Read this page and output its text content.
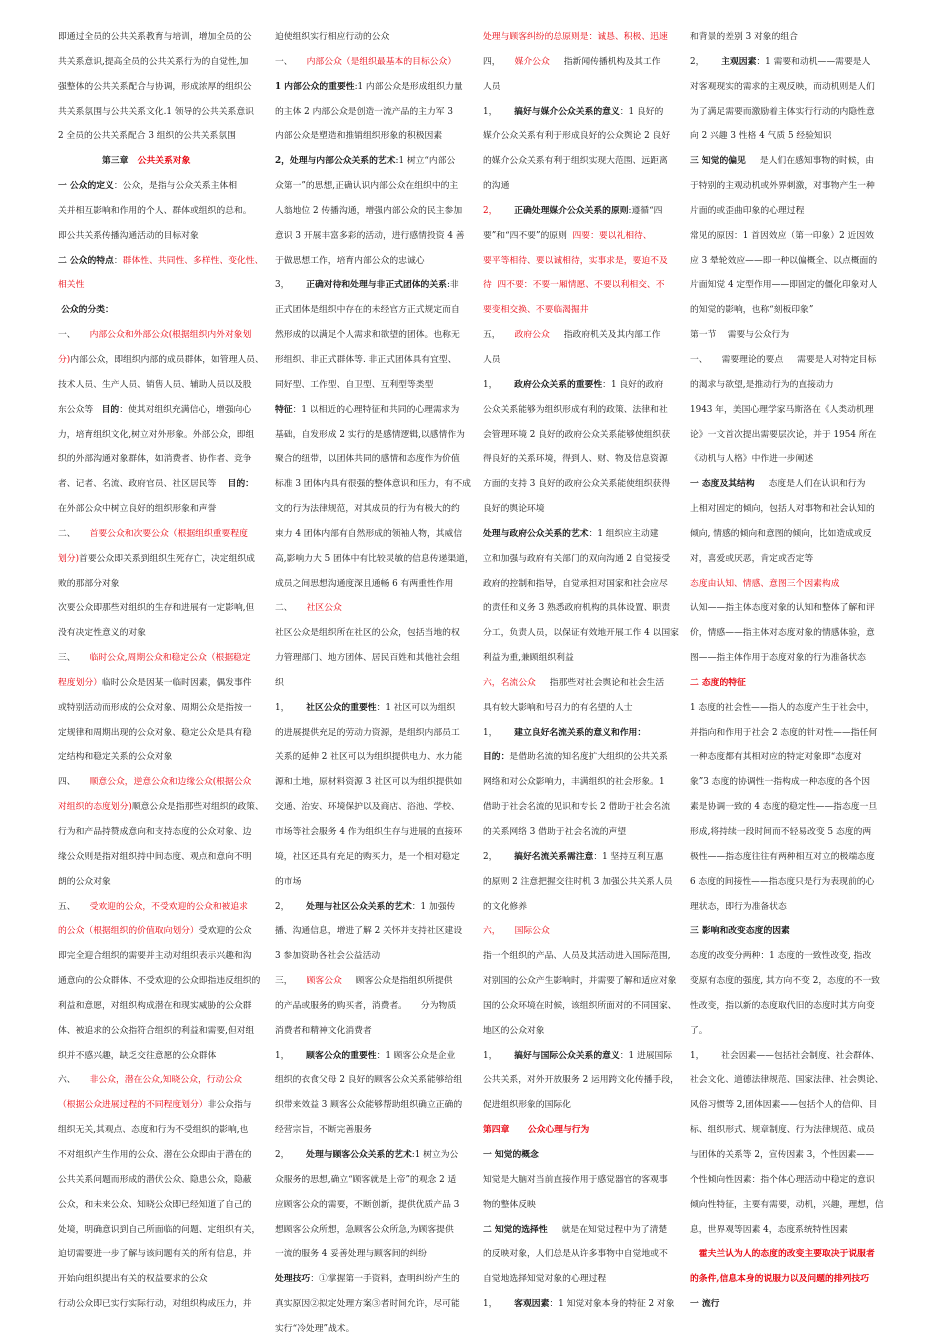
即通过全员的公共关系教育与培训，增加全员的公
共关系意识,提高全员的公共关系行为的自觉性,加
强整体的公共关系配合与协调，形成浓厚的组织公
共关系氛围与公共关系文化.1 领导的公共关系意识
2 全员的公共关系配合 3 组织的公共关系氛围
　　　　　第三章   公共关系对象
一 公众的定义：公众，是指与公众关系主体相
关并相互影响和作用的个人、群体或组织的总和。
即公共关系传播沟通活动的目标对象
二 公众的特点：群体性、共同性、多样性、变化性、
相关性
公众的分类：
一、     内部公众和外部公众(根据组织内外对象划
分)内部公众，即组织内部的成员群体，如管理人员、
技术人员、生产人员、销售人员、辅助人员以及股
东公众等   目的：使其对组织充满信心，增强向心
力，培育组织文化,树立对外形象。外部公众，即组
织的外部沟通对象群体，如消费者、协作者、竞争
者、记者、名流、政府官员、社区居民等    目的：
在外部公众中树立良好的组织形象和声誉
二、     首要公众和次要公众（根据组织重要程度
划分)首要公众即关系到组织生死存亡，决定组织成
败的那部分对象
次要公众即那些对组织的生存和进展有一定影响,但
没有决定性意义的对象
三、     临时公众,周期公众和稳定公众（根据稳定
程度划分）临时公众是因某一临时因素，偶发事件
或特别活动而形成的公众对象、周期公众是指按一
定规律和周期出现的公众对象、稳定公众是具有稳
定结构和稳定关系的公众对象
四、     顺意公众，逆意公众和边缘公众(根据公众
对组织的态度划分)顺意公众是指那些对组织的政策、
行为和产品持赞成意向和支持态度的公众对象、边
缘公众则是指对组织持中间态度、观点和意向不明
朗的公众对象
五、     受欢迎的公众，不受欢迎的公众和被追求
的公众（根据组织的价值取向划分）受欢迎的公众
即完全迎合组织的需要并主动对组织表示兴趣和沟
通意向的公众群体、不受欢迎的公众即指违反组织的
利益和意愿，对组织构成潜在和现实威胁的公众群
体、被追求的公众指符合组织的利益和需要,但对组
织并不感兴趣，缺乏交往意愿的公众群体
六、     非公众，潜在公众,知晓公众，行动公众
（根据公众进展过程的不同程度划分）非公众指与
组织无关,其观点、态度和行为不受组织的影响,也
不对组织产生作用的公众、潜在公众即由于潜在的
公共关系问题而形成的潜伏公众、隐患公众，隐蔽
公众，和未来公众、知晓公众即已经知道了自己的
处境，明确意识到自己所面临的问题、定组织有关，
迫切需要进一步了解与该问题有关的所有信息，并
开始向组织提出有关的权益要求的公众
行动公众即已实行实际行动，对组织构成压力，并
迫使组织实行相应行动的公众
一、     内部公众（是组织最基本的目标公众）
1 内部公众的重要性:1 内部公众是形成组织力量
的主体 2 内部公众是创造一流产品的主力军 3
内部公众是塑造和推销组织形象的积极因素
2，处理与内部公众关系的艺术:1 树立“内部公
众第一”的思想,正确认识内部公众在组织中的主
人翁地位 2 传播沟通，增强内部公众的民主参加
意识 3 开展丰富多彩的活动，进行感情投资 4 善
于做思想工作，培育内部公众的忠诚心
3，      正确对待和处理与非正式团体的关系:非
正式团体是组织中存在的未经官方正式规定而自
然形成的以满足个人需求和欲望的团体。也称无
形组织、非正式群体等. 非正式团体具有宜型、
同好型、工作型、自卫型、互利型等类型
特征：1 以相近的心理特征和共同的心理需求为
基础，自发形成 2 实行的是感情逻辑,以感情作为
聚合的纽带，以团体共同的感情和态度作为价值
标准 3 团体内具有很强的整体意识和压力，有不成
文的行为法律规范，对其成员的行为有极大的约
束力 4 团体内部有自然形成的领袖人物，其威信
高,影响力大 5 团体中有比较灵敏的信息传递渠道，
成员之间思想沟通度深且通畅 6 有两重性作用
二、     社区公众
社区公众是组织所在社区的公众，包括当地的权
力管理部门、地方团体、居民百姓和其他社会组
织
1，      社区公众的重要性：1 社区可以为组织
的进展提供充足的劳动力资源，是组织内部员工
关系的延伸 2 社区可以为组织提供电力、水力能
源和土地，原材料资源 3 社区可以为组织提供如
交通、治安、环境保护以及商店、浴池、学校、
市场等社会服务 4 作为组织生存与进展的直接环
境，社区还具有充足的购买力，是一个相对稳定
的市场
2，      处理与社区公众关系的艺术：1 加强传
播、沟通信息，增进了解 2 关怀并支持社区建设
3 参加资助各社会公益活动
三，     顾客公众     顾客公众是指组织所提供
的产品或服务的购买者，消费者。     分为物质
消费者和精神文化消费者
1，      顾客公众的重要性：1 顾客公众是企业
组织的衣食父母 2 良好的顾客公众关系能够给组
织带来效益 3 顾客公众能够帮助组织确立正确的
经营宗旨，不断完善服务
2，      处理与顾客公众关系的艺术:1 树立为公
众服务的思想,确立“顾客就是上帝”的观念 2 适
应顾客公众的需要，不断创新，提供优质产品 3
想顾客公众所想，急顾客公众所急,为顾客提供
一流的服务 4 妥善处理与顾客间的纠纷
处理技巧：①掌握第一手资料，查明纠纷产生的
真实原因②拟定处理方案③者时间允许，尽可能
实行“冷处理”战术。
处理与顾客纠纷的总原则是：诚恳、积极、迅速
四，     媒介公众     指新闻传播机构及其工作
人员
1，      搞好与媒介公众关系的意义：1 良好的
媒介公众关系有利于形成良好的公众舆论 2 良好
的媒介公众关系有利于组织实现大范围、远距离
的沟通
2，      正确处理媒介公众关系的原则:遵循“四
要”和“四不要”的原则  四要：要以礼相待、
要平等相待、要以诚相待，实事求是，要迫不及
待  四不要：不要一厢情愿、不要以利相交、不
要变相交换、不要临渴掘井
五，     政府公众     指政府机关及其内部工作
人员
1，      政府公众关系的重要性：1 良好的政府
公众关系能够为组织形成有利的政策、法律和社
会管理环境 2 良好的政府公众关系能够使组织获
得良好的关系环境，得到人、财、物及信息资源
方面的支持 3 良好的政府公众关系能使组织获得
良好的舆论环境
处理与政府公众关系的艺术：1 组织应主动建
立和加强与政府有关部门的双向沟通 2 自觉接受
政府的控制和指导，自觉承担对国家和社会应尽
的责任和义务 3 熟悉政府机构的具体设置、职责
分工，负责人员，以保证有效地开展工作 4 以国家
利益为重,兼顾组织利益
六，名流公众     指那些对社会舆论和社会生活
具有较大影响和号召力的有名望的人士
1，      建立良好名流关系的意义和作用：
目的：是借助名流的知名度扩大组织的公共关系
网络和对公众影响力，丰满组织的社会形象。1
借助于社会名流的见识和专长 2 借助于社会名流
的关系网络 3 借助于社会名流的声望
2，      搞好名流关系需注意：1 坚持互利互惠
的原则 2 注意把握交往时机 3 加强公共关系人员
的文化修养
六，     国际公众
指一个组织的产品、人员及其活动进入国际范围,
对别国的公众产生影响时，并需要了解和适应对象
国的公众环境在时候，该组织所面对的不同国家、
地区的公众对象
1，      搞好与国际公众关系的意义：1 进展国际
公共关系，对外开放服务 2 运用跨文化传播手段，
促进组织形象的国际化
第四章      公众心理与行为
一 知觉的概念
知觉是大脑对当前直接作用于感觉器官的客观事
物的整体反映
二 知觉的选择性     就是在知觉过程中为了清楚
的反映对象，人们总是从许多事物中自觉地或不
自觉地选择知觉对象的心理过程
1，      客观因素：1 知觉对象本身的特征 2 对象
和背景的差别 3 对象的组合
2，      主观因素：1 需要和动机——需要是人
对客观现实的需求的主观反映，而动机则是人们
为了满足需要而激励着主体实行行动的内隐性意
向 2 兴趣 3 性格 4 气质 5 经验知识
三 知觉的偏见     是人们在感知事物的时候，由
于特别的主观动机或外界刺激，对事物产生一种
片面的或歪曲印象的心理过程
常见的原因：1 首因效应（第一印象）2 近因效
应 3 晕轮效应——即一种以偏概全、以点概面的
片面知觉 4 定型作用——即固定的僵化印象对人
的知觉的影响，也称“刻板印象”
第一节    需要与公众行为
一、     需要理论的要点     需要是人对特定目标
的渴求与欲望,是推动行为的直接动力
1943 年，美国心理学家马斯洛在《人类动机理
论》一文首次提出需要层次论，并于 1954 所在
《动机与人格》中作进一步阐述
一 态度及其结构     态度是人们在认识和行为
上相对固定的倾向，包括人对事物和社会认知的
倾向, 情感的倾向和意图的倾向，比如造成或反
对，喜爱或厌恶，肯定或否定等
态度由认知、情感、意图三个因素构成
认知——指主体态度对象的认知和整体了解和评
价，情感——指主体对态度对象的情感体验，意
图——指主体作用于态度对象的行为准备状态
二 态度的特征
1 态度的社会性——指人的态度产生于社会中，
并指向和作用于社会 2 态度的针对性——指任何
一种态度都有其相对应的特定对象即“态度对
象”3 态度的协调性一指构成一种态度的各个因
素是协调一致的 4 态度的稳定性——指态度一旦
形成,将持续一段时间而不轻易改变 5 态度的两
极性——指态度往往有两种相互对立的极端态度
6 态度的间接性——指态度只是行为表现前的心
理状态，即行为准备状态
三 影响和改变态度的因素
态度的改变分两种：1 态度的一致性改变, 指改
变原有态度的强度, 其方向不变 2，态度的不一致
性改变，指以新的态度取代旧的态度时其方向变
了。
1，      社会因素——包括社会制度、社会群体、
社会文化、道德法律规范、国家法律、社会舆论、
风俗习惯等 2,团体因素——包括个人的信仰、目
标、组织形式、规章制度、行为法律规范、成员
与团体的关系等 2，宣传因素 3，个性因素——
个性倾向性因素：指个体心理活动中稳定的意识
倾向性特征，主要有需要，动机，兴趣，理想，信
息，世界观等因素 4，态度系统特性因素
　霍夫兰认为人的态度的改变主要取决于说服者
的条件,信息本身的说服力以及问题的排列技巧
一 流行
